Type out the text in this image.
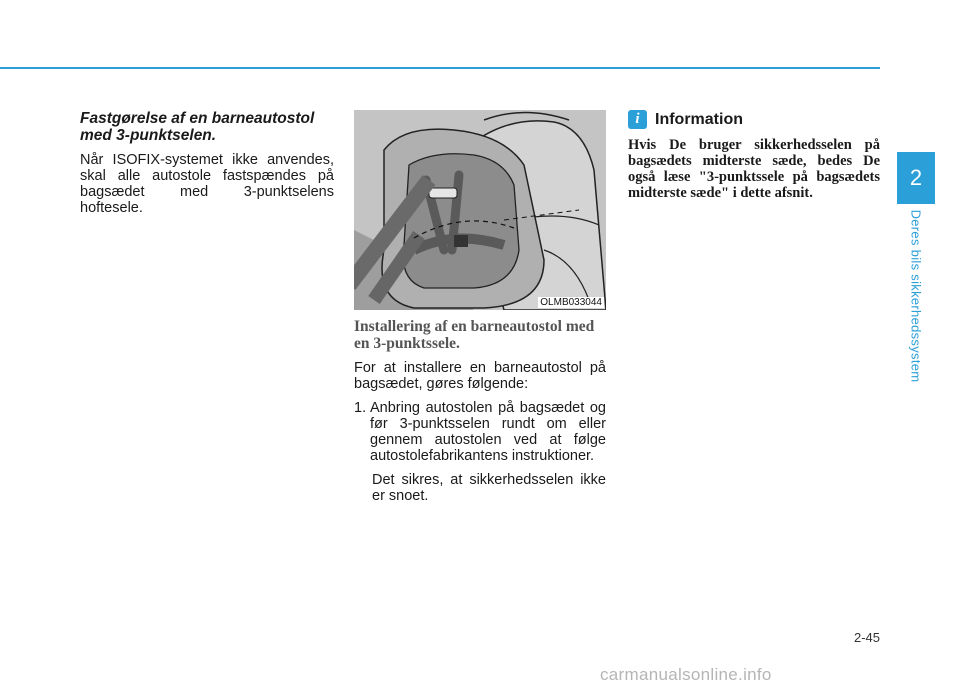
Fastgørelse af en barneautostol med 3-punktselen.

Når ISOFIX-systemet ikke anvendes, skal alle autostole fastspændes på bagsædet med 3-punktselens hoftesele.

OLMB033044

Installering af en barneautostol med en 3-punktssele.

For at installere en barneautostol på bagsædet, gøres følgende:

1. Anbring autostolen på bagsædet og før 3-punktsselen rundt om eller gennem autostolen ved at følge autostolefabrikantens instruktioner.

Det sikres, at sikkerhedsselen ikke er snoet.

i Information

Hvis De bruger sikkerhedsselen på bagsædets midterste sæde, bedes De også læse "3-punktssele på bagsædets midterste sæde" i dette afsnit.

2
Deres bils sikkerhedssystem
2-45
carmanualsonline.info
